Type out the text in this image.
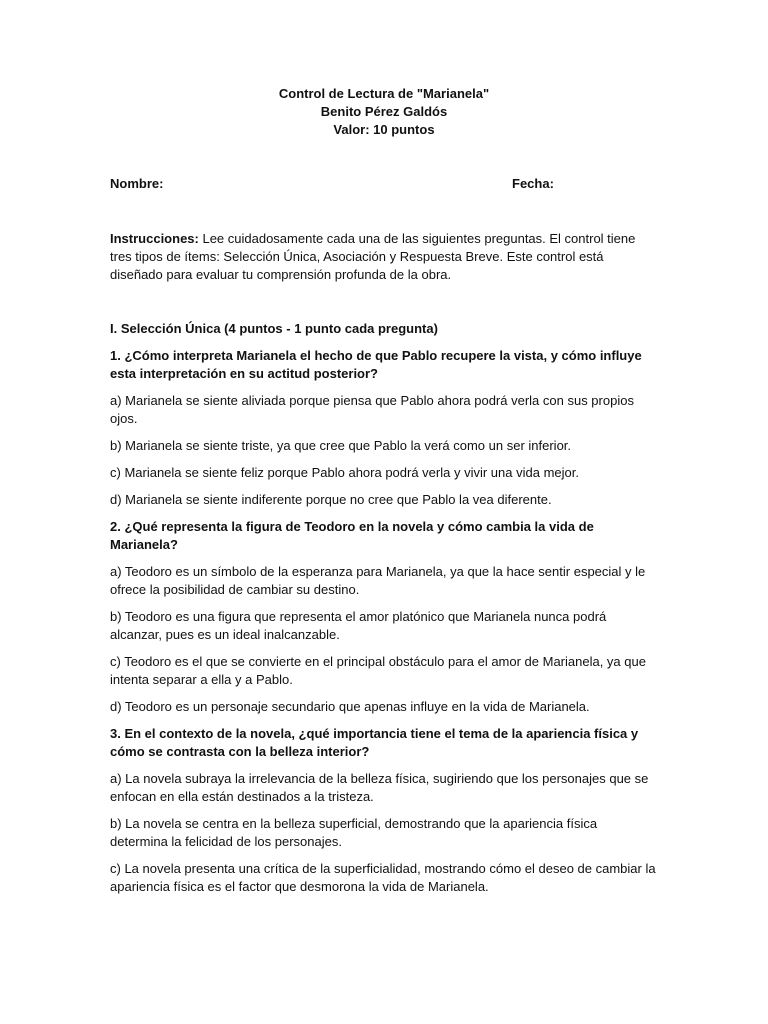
Control de Lectura de "Marianela"
Benito Pérez Galdós
Valor: 10 puntos
Nombre:	Fecha:
Instrucciones: Lee cuidadosamente cada una de las siguientes preguntas. El control tiene tres tipos de ítems: Selección Única, Asociación y Respuesta Breve. Este control está diseñado para evaluar tu comprensión profunda de la obra.
I. Selección Única (4 puntos - 1 punto cada pregunta)
1. ¿Cómo interpreta Marianela el hecho de que Pablo recupere la vista, y cómo influye esta interpretación en su actitud posterior?
a) Marianela se siente aliviada porque piensa que Pablo ahora podrá verla con sus propios ojos.
b) Marianela se siente triste, ya que cree que Pablo la verá como un ser inferior.
c) Marianela se siente feliz porque Pablo ahora podrá verla y vivir una vida mejor.
d) Marianela se siente indiferente porque no cree que Pablo la vea diferente.
2. ¿Qué representa la figura de Teodoro en la novela y cómo cambia la vida de Marianela?
a) Teodoro es un símbolo de la esperanza para Marianela, ya que la hace sentir especial y le ofrece la posibilidad de cambiar su destino.
b) Teodoro es una figura que representa el amor platónico que Marianela nunca podrá alcanzar, pues es un ideal inalcanzable.
c) Teodoro es el que se convierte en el principal obstáculo para el amor de Marianela, ya que intenta separar a ella y a Pablo.
d) Teodoro es un personaje secundario que apenas influye en la vida de Marianela.
3. En el contexto de la novela, ¿qué importancia tiene el tema de la apariencia física y cómo se contrasta con la belleza interior?
a) La novela subraya la irrelevancia de la belleza física, sugiriendo que los personajes que se enfocan en ella están destinados a la tristeza.
b) La novela se centra en la belleza superficial, demostrando que la apariencia física determina la felicidad de los personajes.
c) La novela presenta una crítica de la superficialidad, mostrando cómo el deseo de cambiar la apariencia física es el factor que desmorona la vida de Marianela.
